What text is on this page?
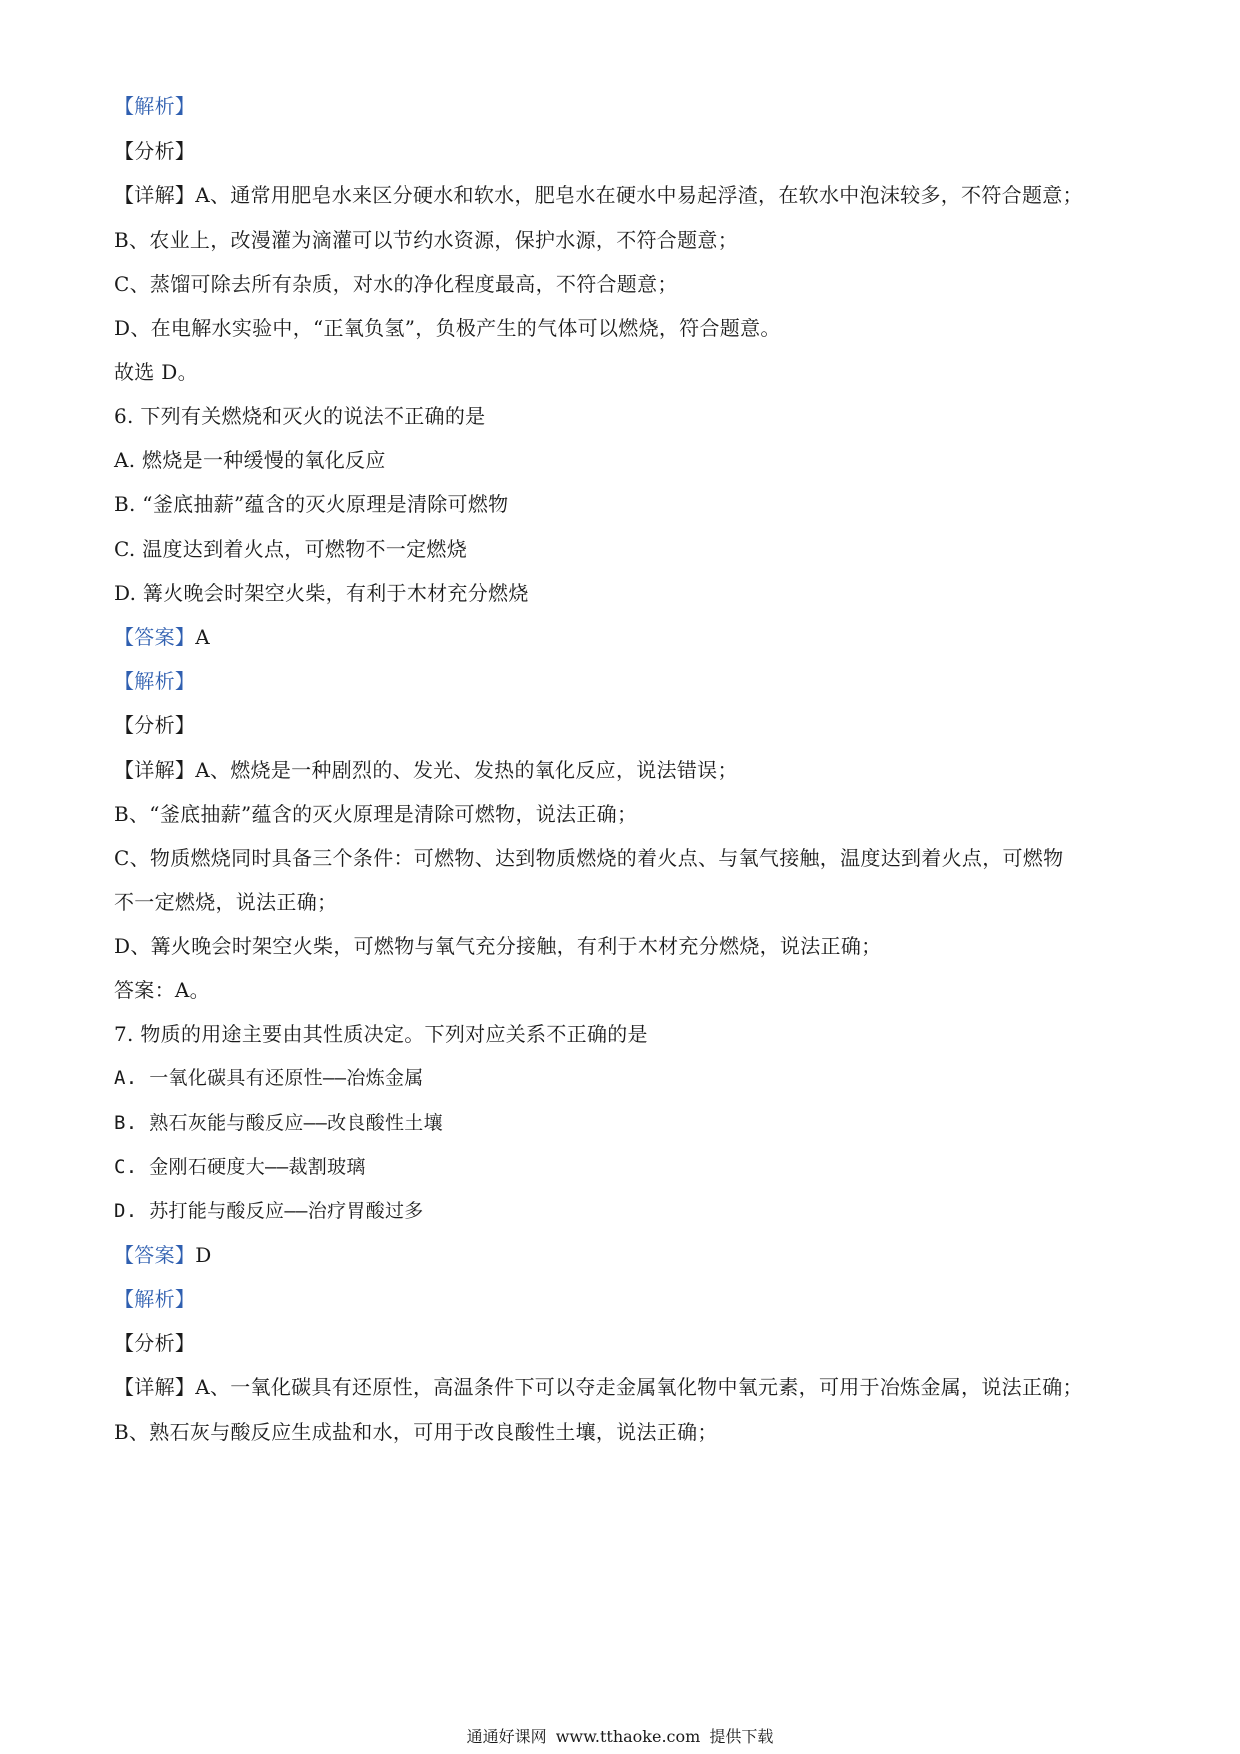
【解析】
【分析】
【详解】A、通常用肥皂水来区分硬水和软水，肥皂水在硬水中易起浮渣，在软水中泡沫较多，不符合题意；
B、农业上，改漫灌为滴灌可以节约水资源，保护水源，不符合题意；
C、蒸馏可除去所有杂质，对水的净化程度最高，不符合题意；
D、在电解水实验中，“正氧负氢”，负极产生的气体可以燃烧，符合题意。
故选 D。
6. 下列有关燃烧和灭火的说法不正确的是
A. 燃烧是一种缓慢的氧化反应
B. “釜底抽薪”蕴含的灭火原理是清除可燃物
C. 温度达到着火点，可燃物不一定燃烧
D. 篝火晚会时架空火柴，有利于木材充分燃烧
【答案】A
【解析】
【分析】
【详解】A、燃烧是一种剧烈的、发光、发热的氧化反应，说法错误；
B、“釜底抽薪”蕴含的灭火原理是清除可燃物，说法正确；
C、物质燃烧同时具备三个条件：可燃物、达到物质燃烧的着火点、与氧气接触，温度达到着火点，可燃物
不一定燃烧，说法正确；
D、篝火晚会时架空火柴，可燃物与氧气充分接触，有利于木材充分燃烧，说法正确；
答案：A。
7. 物质的用途主要由其性质决定。下列对应关系不正确的是
A. 一氧化碳具有还原性——冶炼金属
B. 熟石灰能与酸反应——改良酸性土壤
C. 金刚石硬度大——裁割玻璃
D. 苏打能与酸反应——治疗胃酸过多
【答案】D
【解析】
【分析】
【详解】A、一氧化碳具有还原性，高温条件下可以夺走金属氧化物中氧元素，可用于冶炼金属，说法正确；
B、熟石灰与酸反应生成盐和水，可用于改良酸性土壤，说法正确；
通通好课网 www.tthaoke.com 提供下载
